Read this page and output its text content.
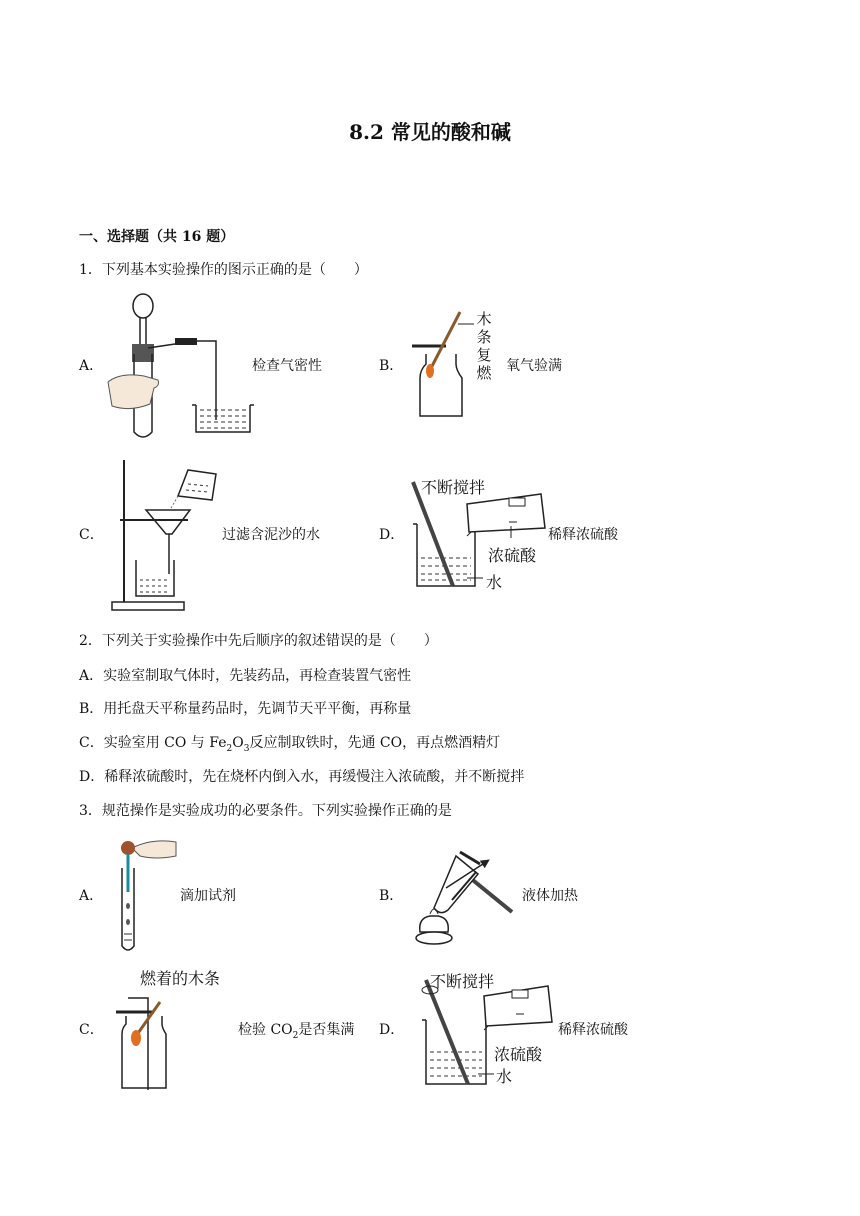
8.2 常见的酸和碱
一、选择题（共 16 题）
1．下列基本实验操作的图示正确的是（　　）
A．	检查气密性	B．
木
条
复
燃 氧气验满
C．	过滤含泥沙的水	D．
不断搅拌
浓硫酸
水
稀释浓硫酸
2．下列关于实验操作中先后顺序的叙述错误的是（　　）
A．实验室制取气体时，先装药品，再检查装置气密性
B．用托盘天平称量药品时，先调节天平平衡，再称量
C．实验室用 CO 与 $Fe_2O_3$反应制取铁时，先通 CO，再点燃酒精灯
D．稀释浓硫酸时，先在烧杯内倒入水，再缓慢注入浓硫酸，并不断搅拌
3．规范操作是实验成功的必要条件。下列实验操作正确的是
A．	滴加试剂	B．	液体加热
燃着的木条
C．	检验 $CO_2$是否集满 D．
不断搅拌
浓硫酸
水
稀释浓硫酸
